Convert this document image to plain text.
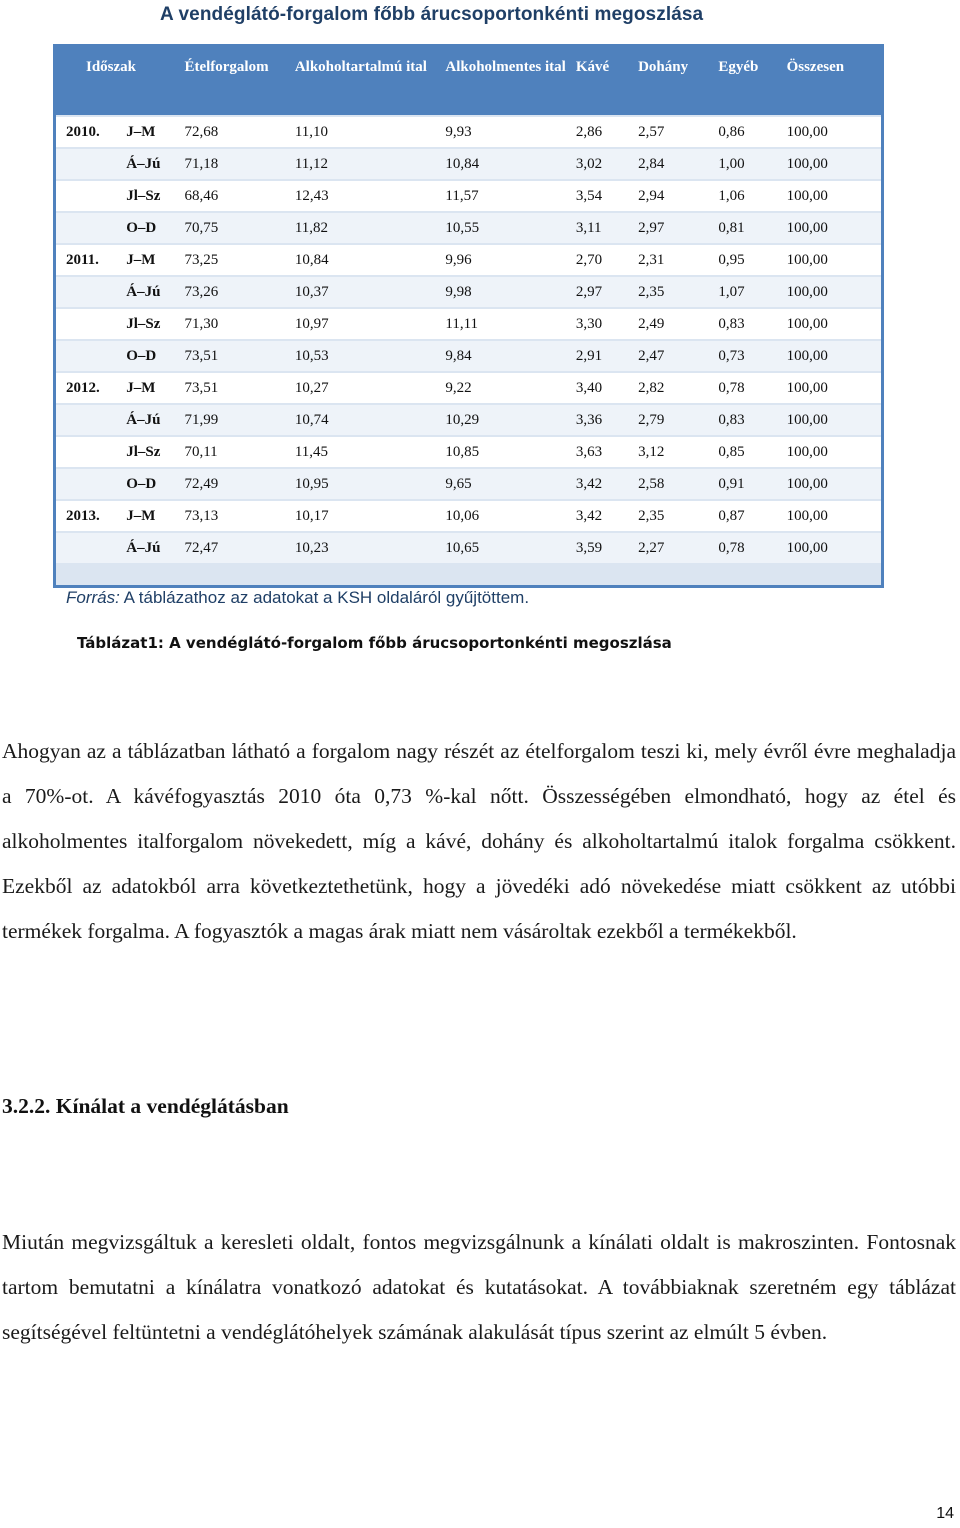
A vendéglátó-forgalom főbb árucsoportonkénti megoszlása
Időszak		Ételforgalom	Alkoholtartalmú ital	Alkoholmentes ital	Kávé	Dohány	Egyéb	Összesen
2010.	J–M	72,68	11,10	9,93	2,86	2,57	0,86	100,00
	Á–Jú	71,18	11,12	10,84	3,02	2,84	1,00	100,00
	Jl–Sz	68,46	12,43	11,57	3,54	2,94	1,06	100,00
	O–D	70,75	11,82	10,55	3,11	2,97	0,81	100,00
2011.	J–M	73,25	10,84	9,96	2,70	2,31	0,95	100,00
	Á–Jú	73,26	10,37	9,98	2,97	2,35	1,07	100,00
	Jl–Sz	71,30	10,97	11,11	3,30	2,49	0,83	100,00
	O–D	73,51	10,53	9,84	2,91	2,47	0,73	100,00
2012.	J–M	73,51	10,27	9,22	3,40	2,82	0,78	100,00
	Á–Jú	71,99	10,74	10,29	3,36	2,79	0,83	100,00
	Jl–Sz	70,11	11,45	10,85	3,63	3,12	0,85	100,00
	O–D	72,49	10,95	9,65	3,42	2,58	0,91	100,00
2013.	J–M	73,13	10,17	10,06	3,42	2,35	0,87	100,00
	Á–Jú	72,47	10,23	10,65	3,59	2,27	0,78	100,00
Forrás: A táblázathoz az adatokat a KSH oldaláról gyűjtöttem.
Táblázat1: A vendéglátó-forgalom főbb árucsoportonkénti megoszlása
Ahogyan az a táblázatban látható a forgalom nagy részét az ételforgalom teszi ki, mely évről évre meghaladja a 70%-ot. A kávéfogyasztás 2010 óta 0,73 %-kal nőtt. Összességében elmondható, hogy az étel és alkoholmentes italforgalom növekedett, míg a kávé, dohány és alkoholtartalmú italok forgalma csökkent. Ezekből az adatokból arra következtethetünk, hogy a jövedéki adó növekedése miatt csökkent az utóbbi termékek forgalma. A fogyasztók a magas árak miatt nem vásároltak ezekből a termékekből.
3.2.2. Kínálat a vendéglátásban
Miután megvizsgáltuk a keresleti oldalt, fontos megvizsgálnunk a kínálati oldalt is makroszinten. Fontosnak tartom bemutatni a kínálatra vonatkozó adatokat és kutatásokat. A továbbiaknak szeretném egy táblázat segítségével feltüntetni a vendéglátóhelyek számának alakulását típus szerint az elmúlt 5 évben.
14
